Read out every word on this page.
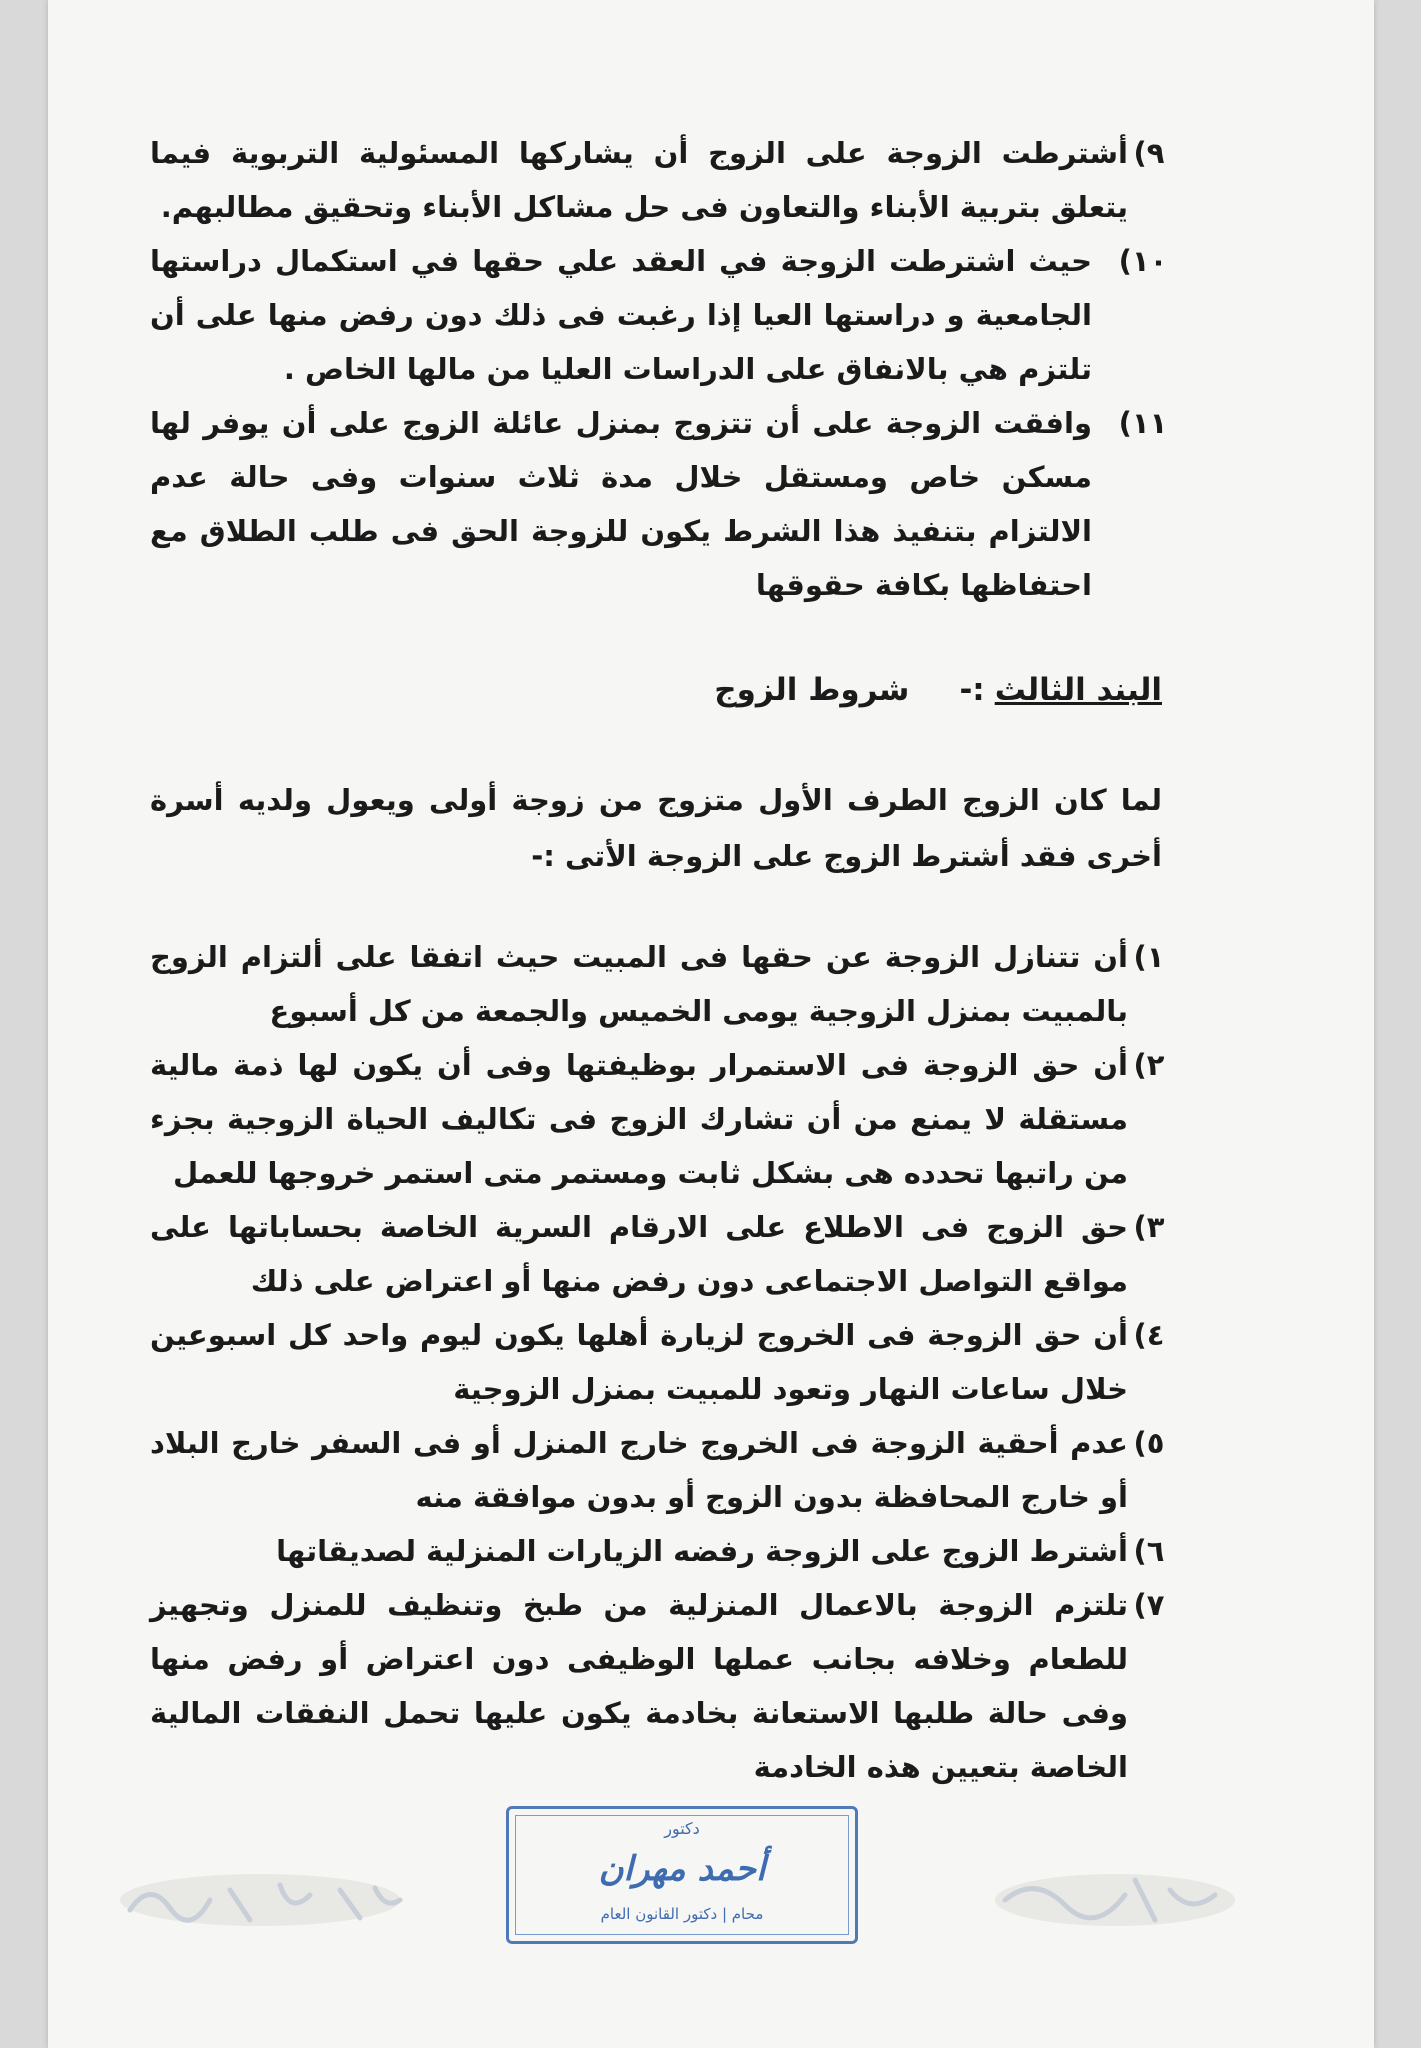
٩)
أشترطت الزوجة على الزوج أن يشاركها المسئولية التربوية فيما يتعلق بتربية الأبناء والتعاون فى حل مشاكل الأبناء وتحقيق مطالبهم.
١٠)
حيث اشترطت الزوجة في العقد علي حقها في استكمال دراستها الجامعية و دراستها العيا إذا رغبت فى ذلك دون رفض منها على أن تلتزم هي بالانفاق على الدراسات العليا من مالها الخاص .
١١)
وافقت الزوجة على أن تتزوج بمنزل عائلة الزوج على أن يوفر لها مسكن خاص ومستقل خلال مدة ثلاث سنوات وفى حالة عدم الالتزام بتنفيذ هذا الشرط يكون للزوجة الحق فى طلب الطلاق مع احتفاظها بكافة حقوقها
البند الثالث:-شروط الزوج
لما كان الزوج الطرف الأول متزوج من زوجة أولى ويعول ولديه أسرة أخرى فقد أشترط الزوج على الزوجة الأتى :-
١)
أن تتنازل الزوجة عن حقها فى المبيت حيث اتفقا على ألتزام الزوج بالمبيت بمنزل الزوجية يومى الخميس والجمعة من كل أسبوع
٢)
أن حق الزوجة فى الاستمرار بوظيفتها وفى أن يكون لها ذمة مالية مستقلة لا يمنع من أن تشارك الزوج فى تكاليف الحياة الزوجية بجزء من راتبها تحدده هى بشكل ثابت ومستمر متى استمر خروجها للعمل
٣)
حق الزوج فى الاطلاع على الارقام السرية الخاصة بحساباتها على مواقع التواصل الاجتماعى دون رفض منها أو اعتراض على ذلك
٤)
أن حق الزوجة فى الخروج لزيارة أهلها يكون ليوم واحد كل اسبوعين خلال ساعات النهار وتعود للمبيت بمنزل الزوجية
٥)
عدم أحقية الزوجة فى الخروج خارج المنزل أو فى السفر خارج البلاد أو خارج المحافظة بدون الزوج أو بدون موافقة منه
٦)
أشترط الزوج على الزوجة رفضه الزيارات المنزلية لصديقاتها
٧)
تلتزم الزوجة بالاعمال المنزلية من طبخ وتنظيف للمنزل وتجهيز للطعام وخلافه بجانب عملها الوظيفى دون اعتراض أو رفض منها وفى حالة طلبها الاستعانة بخادمة يكون عليها تحمل النفقات المالية الخاصة بتعيين هذه الخادمة
دكتور
أحمد مهران
محام | دكتور القانون العام
